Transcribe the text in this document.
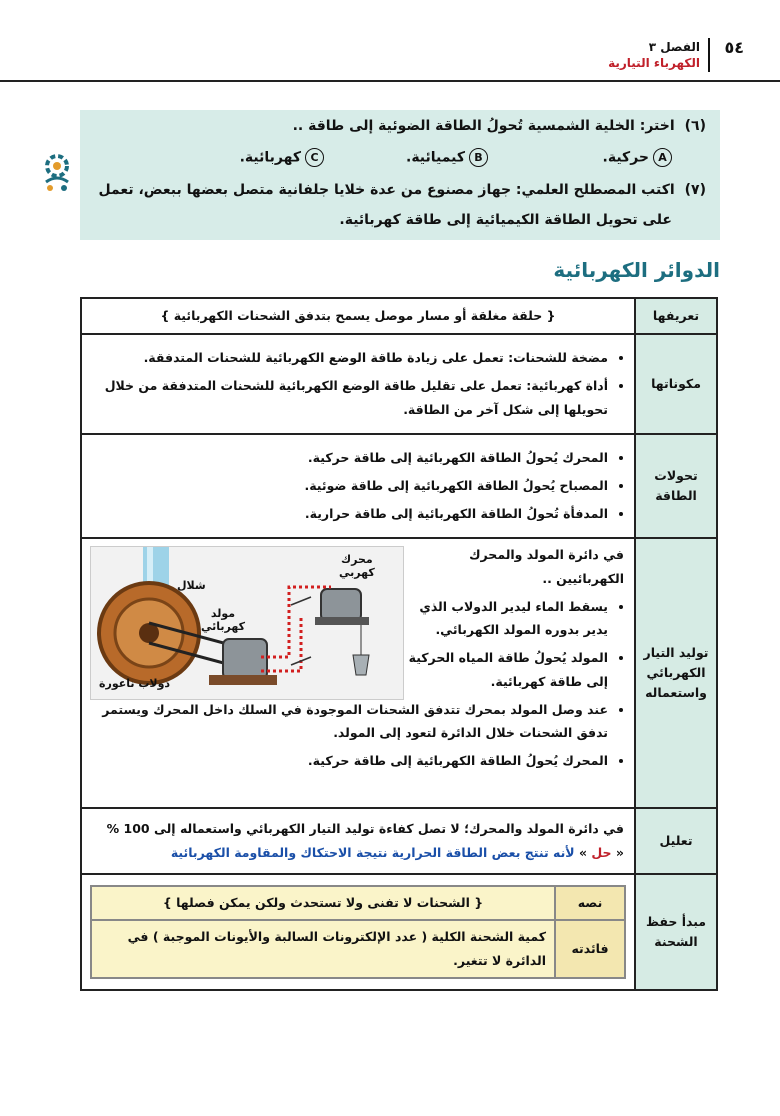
٥٤
الفصل ٣
الكهرباء التيارية
(٦)اختر: الخلية الشمسية تُحولُ الطاقة الضوئية إلى طاقة ..
Aحركية.
Bكيميائية.
Cكهربائية.
(٧)اكتب المصطلح العلمي: جهاز مصنوع من عدة خلايا جلفانية متصل بعضها ببعض، تعمل
على تحويل الطاقة الكيميائية إلى طاقة كهربائية.
الدوائر الكهربائية
تعريفها	{ حلقة مغلقة أو مسار موصل يسمح بتدفق الشحنات الكهربائية }
مكوناتها	
• مضخة للشحنات: تعمل على زيادة طاقة الوضع الكهربائية للشحنات المتدفقة.
• أداة كهربائية: تعمل على تقليل طاقة الوضع الكهربائية للشحنات المتدفقة من خلال تحويلها إلى شكل آخر من الطاقة.

تحولات
الطاقة

• المحرك يُحولُ الطاقة الكهربائية إلى طاقة حركية.
• المصباح يُحولُ الطاقة الكهربائية إلى طاقة ضوئية.
• المدفأة تُحولُ الطاقة الكهربائية إلى طاقة حرارية.

توليد التيار
الكهربائي
واستعماله

في دائرة المولد والمحرك الكهربائيين ..
• يسقط الماء ليدير الدولاب الذي يدير بدوره المولد الكهربائي.
• المولد يُحولُ طاقة المياه الحركية إلى طاقة كهربائية.
• عند وصل المولد بمحرك تتدفق الشحنات الموجودة في السلك داخل المحرك ويستمر تدفق الشحنات خلال الدائرة لتعود إلى المولد.
• المحرك يُحولُ الطاقة الكهربائية إلى طاقة حركية.

تعليل	
في دائرة المولد والمحرك؛ لا تصل كفاءة توليد التيار الكهربائي واستعماله إلى 100 %
« حل » لأنه تنتج بعض الطاقة الحرارية نتيجة الاحتكاك والمقاومة الكهربائية

مبدأ حفظ
الشحنة

نصه	{ الشحنات لا تفنى ولا تستحدث ولكن يمكن فصلها }
فائدته	كمية الشحنة الكلية ( عدد الإلكترونات السالبة والأيونات الموجبة ) في الدائرة لا تتغير.
شلال
محرك
كهربي
مولد
كهربائي
دولاب ناعورة
